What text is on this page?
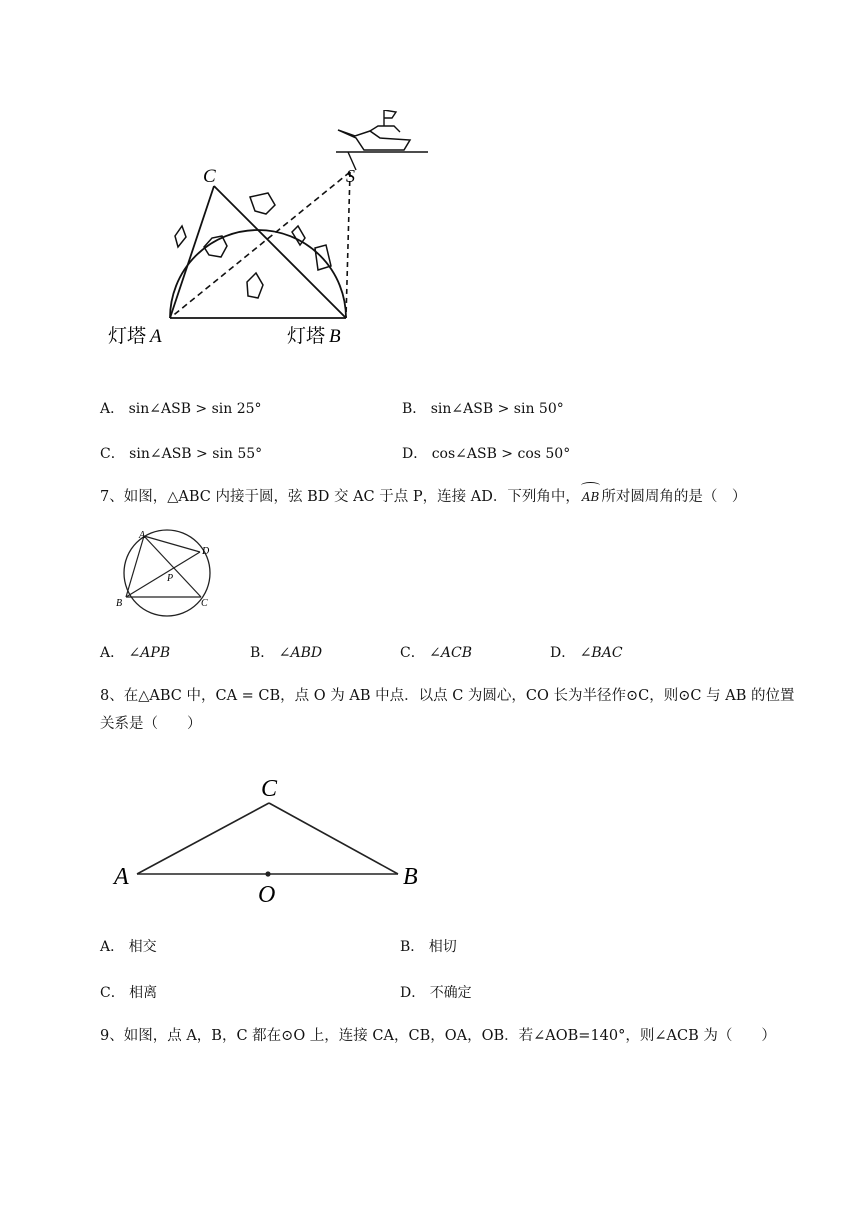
C	S
灯塔 A	灯塔 B
A． sin∠ASB > sin 25°	B． sin∠ASB > sin 50°
C． sin∠ASB > sin 55°	D． cos∠ASB > cos 50°
7、如图，△ABC 内接于圆，弦 BD 交 AC 于点 P，连接 AD．下列角中， AB 所对圆周角的是（　）
A
D
P
B	C
A． ∠APB	B． ∠ABD	C． ∠ACB	D． ∠BAC
8、在△ABC 中，CA = CB，点 O 为 AB 中点．以点 C 为圆心，CO 长为半径作⊙C，则⊙C 与 AB 的位置
关系是（　　）
C
A	B
O
A． 相交	B． 相切
C． 相离	D． 不确定
9、如图，点 A，B，C 都在⊙O 上，连接 CA，CB，OA，OB．若∠AOB=140°，则∠ACB 为（　　）
